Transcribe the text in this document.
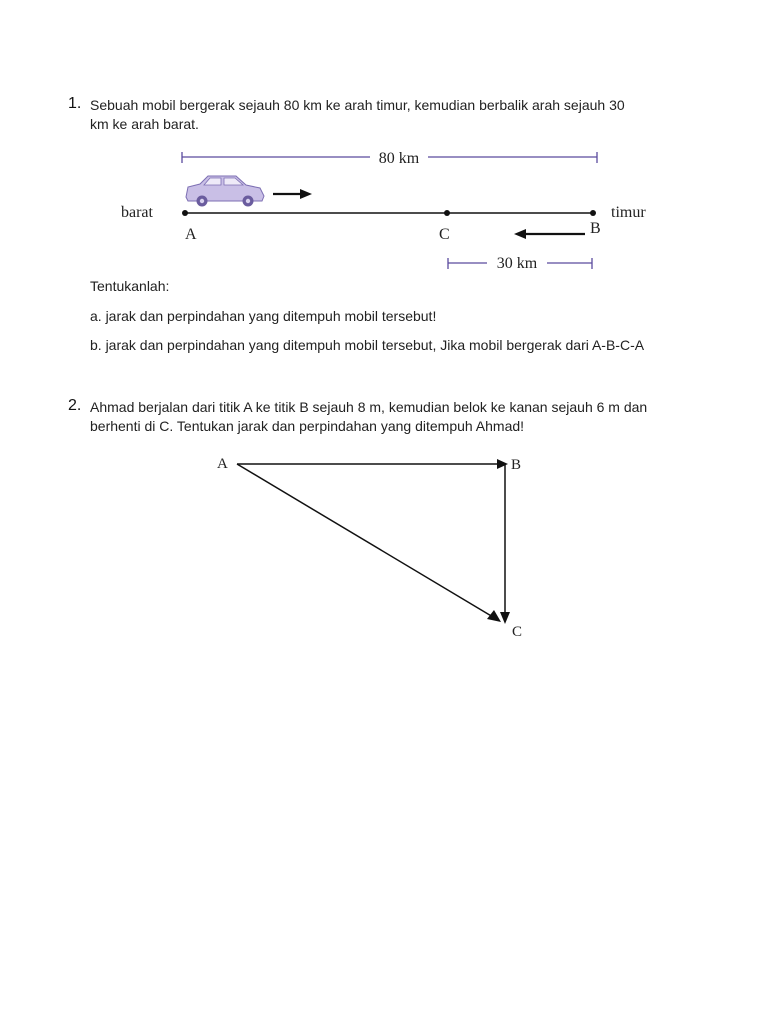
1. Sebuah mobil bergerak sejauh 80 km ke arah timur, kemudian berbalik arah sejauh 30
km ke arah barat.
80 km
barat	timur
A	C	B
30 km
Tentukanlah:
a. jarak dan perpindahan yang ditempuh mobil tersebut!
b. jarak dan perpindahan yang ditempuh mobil tersebut, Jika mobil bergerak dari A-B-C-A
2. Ahmad berjalan dari titik A ke titik B sejauh 8 m, kemudian belok ke kanan sejauh 6 m dan
berhenti di C. Tentukan jarak dan perpindahan yang ditempuh Ahmad!
A	B
C
